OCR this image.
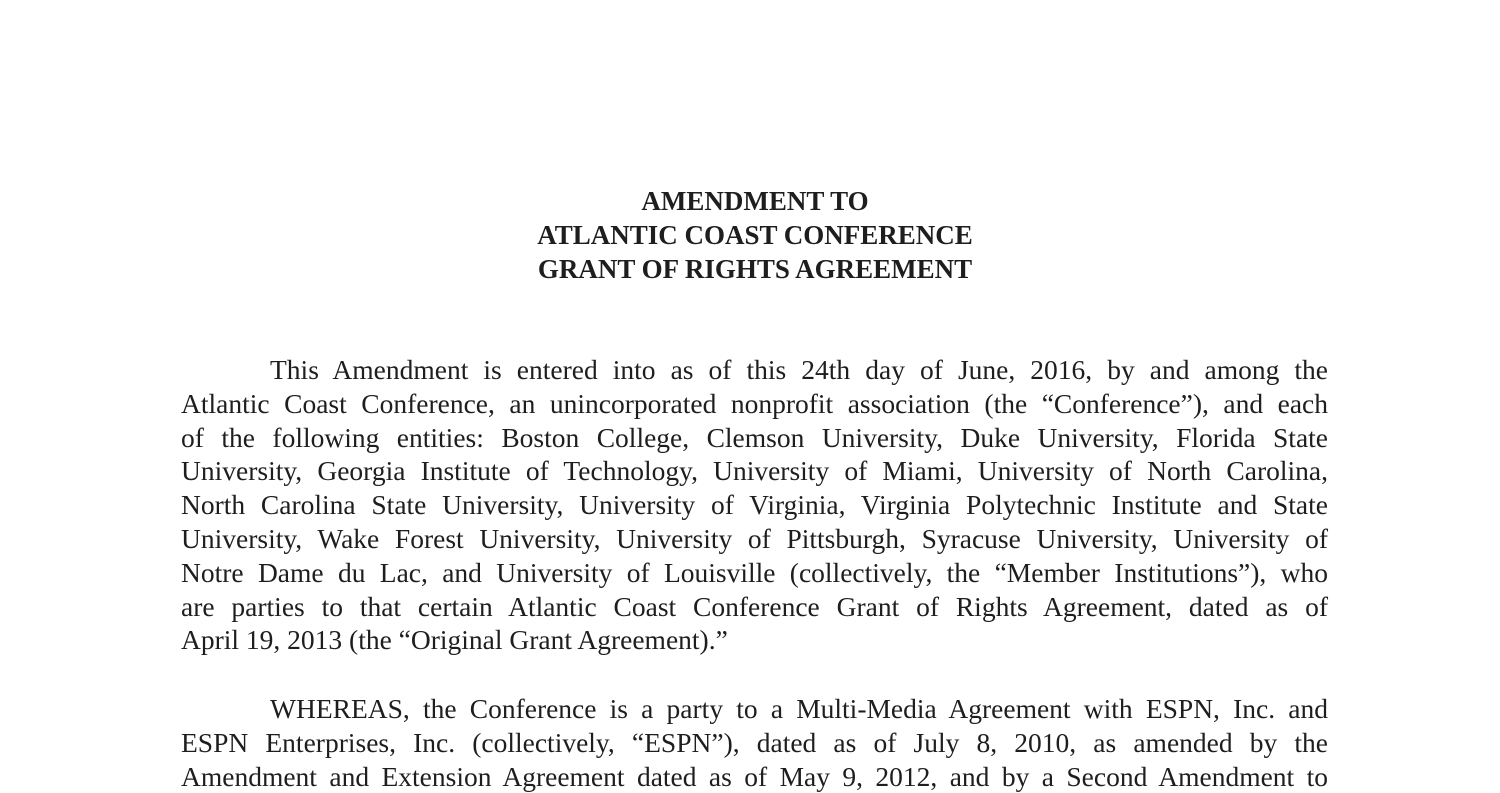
AMENDMENT TO
ATLANTIC COAST CONFERENCE
GRANT OF RIGHTS AGREEMENT
This Amendment is entered into as of this 24th day of June, 2016, by and among the
Atlantic Coast Conference, an unincorporated nonprofit association (the “Conference”), and each
of the following entities: Boston College, Clemson University, Duke University, Florida State
University, Georgia Institute of Technology, University of Miami, University of North Carolina,
North Carolina State University, University of Virginia, Virginia Polytechnic Institute and State
University, Wake Forest University, University of Pittsburgh, Syracuse University, University of
Notre Dame du Lac, and University of Louisville (collectively, the “Member Institutions”), who
are parties to that certain Atlantic Coast Conference Grant of Rights Agreement, dated as of
April 19, 2013 (the “Original Grant Agreement).”
WHEREAS, the Conference is a party to a Multi-Media Agreement with ESPN, Inc. and
ESPN Enterprises, Inc. (collectively, “ESPN”), dated as of July 8, 2010, as amended by the
Amendment and Extension Agreement dated as of May 9, 2012, and by a Second Amendment to
